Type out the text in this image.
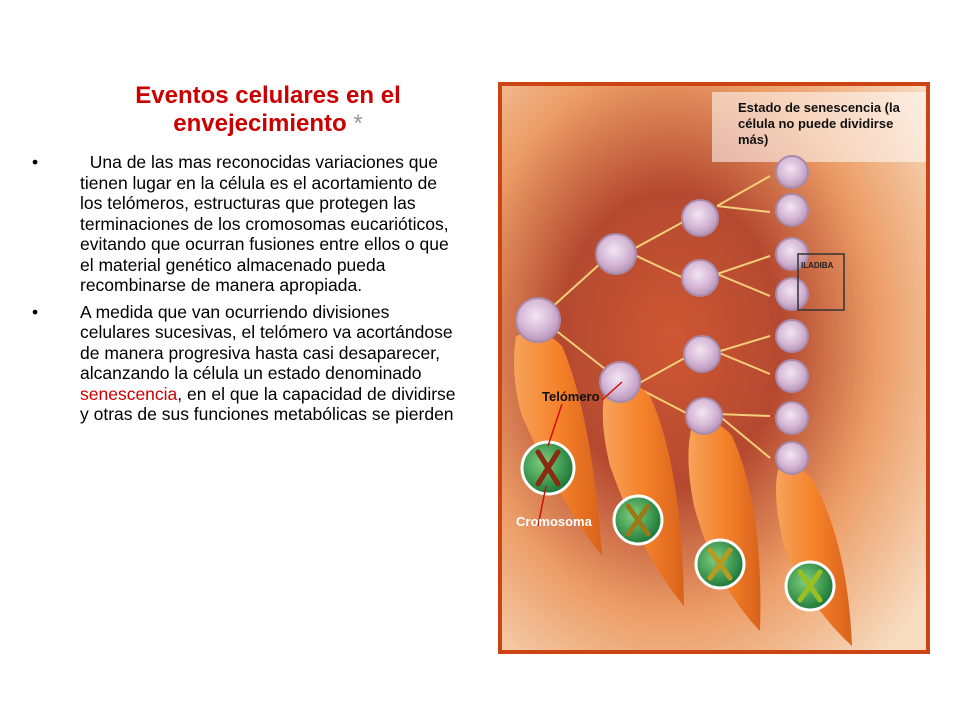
Eventos celulares en el envejecimiento *
• Una de las mas reconocidas variaciones que tienen lugar en la célula es el acortamiento de los telómeros, estructuras que protegen las terminaciones de los cromosomas eucarióticos, evitando que ocurran fusiones entre ellos o que el material genético almacenado pueda recombinarse de manera apropiada.
• A medida que van ocurriendo divisiones celulares sucesivas, el telómero va acortándose de manera progresiva hasta casi desaparecer, alcanzando la célula un estado denominado senescencia, en el que la capacidad de dividirse y otras de sus funciones metabólicas se pierden
ILADIBA
Estado de senescencia (la célula no puede dividirse más)
Telómero
Cromosoma
